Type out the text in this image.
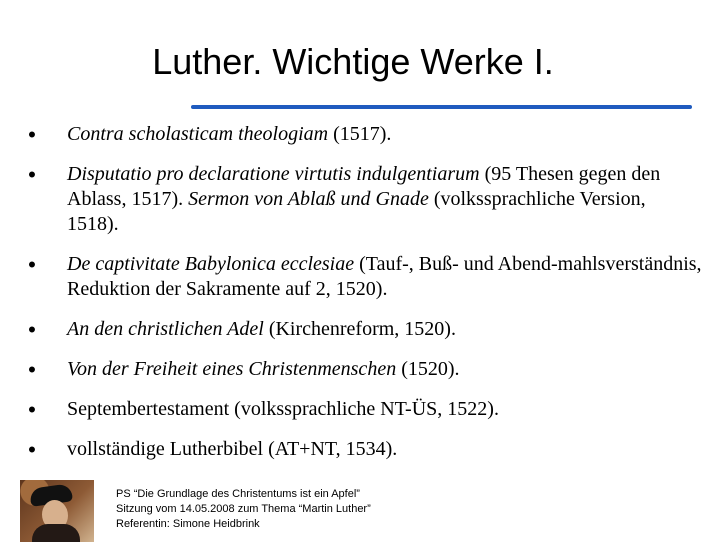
Luther. Wichtige Werke I.
•	Contra scholasticam theologiam (1517).
•	Disputatio pro declaratione virtutis indulgentiarum (95 Thesen gegen den Ablass, 1517). Sermon von Ablaß und Gnade (volkssprachliche Version, 1518).
•	De captivitate Babylonica ecclesiae (Tauf-, Buß- und Abend-mahlsverständnis, Reduktion der Sakramente auf 2, 1520).
•	An den christlichen Adel (Kirchenreform, 1520).
•	Von der Freiheit eines Christenmenschen (1520).
•	Septembertestament (volkssprachliche NT-ÜS, 1522).
•	vollständige Lutherbibel (AT+NT, 1534).
PS “Die Grundlage des Christentums ist ein Apfel”
Sitzung vom 14.05.2008 zum Thema “Martin Luther”
Referentin: Simone Heidbrink
